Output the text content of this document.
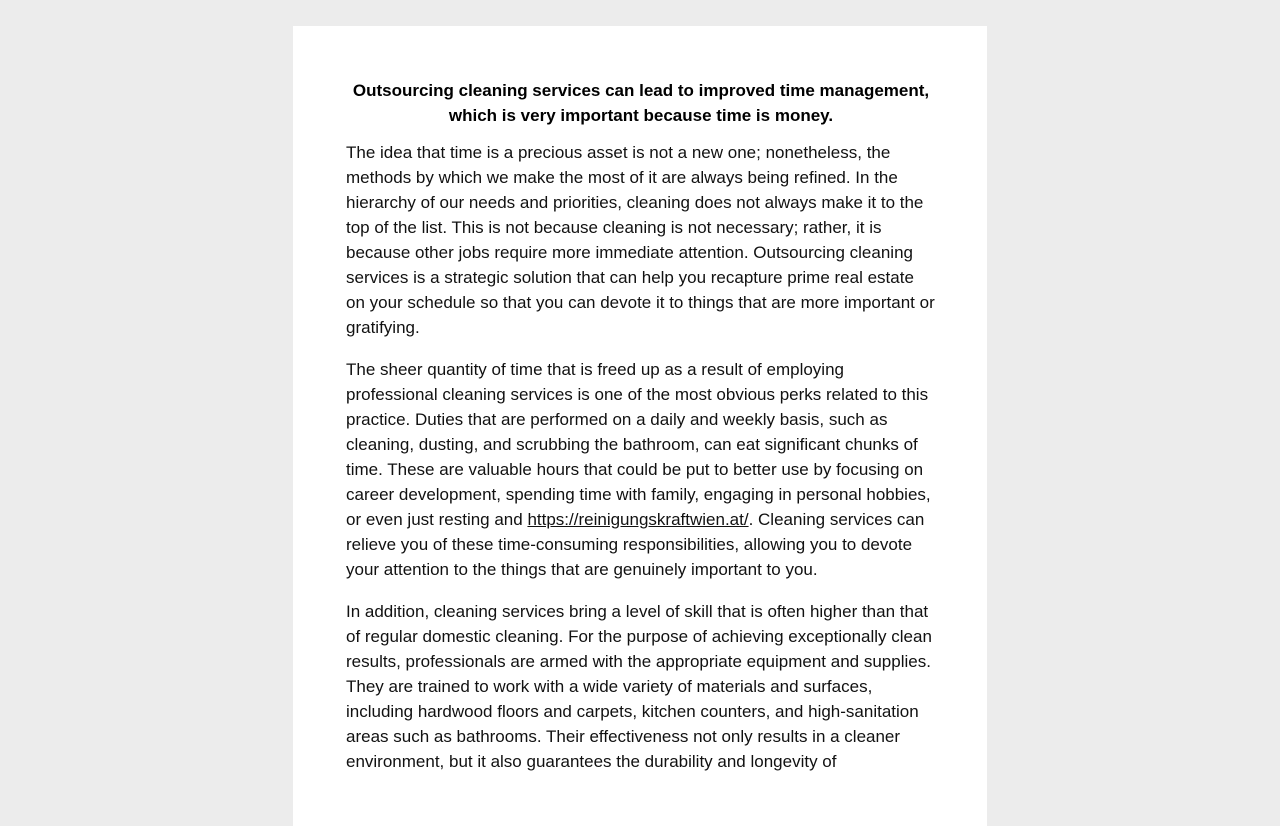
Outsourcing cleaning services can lead to improved time management, which is very important because time is money.

The idea that time is a precious asset is not a new one; nonetheless, the methods by which we make the most of it are always being refined. In the hierarchy of our needs and priorities, cleaning does not always make it to the top of the list. This is not because cleaning is not necessary; rather, it is because other jobs require more immediate attention. Outsourcing cleaning services is a strategic solution that can help you recapture prime real estate on your schedule so that you can devote it to things that are more important or gratifying.

The sheer quantity of time that is freed up as a result of employing professional cleaning services is one of the most obvious perks related to this practice. Duties that are performed on a daily and weekly basis, such as cleaning, dusting, and scrubbing the bathroom, can eat significant chunks of time. These are valuable hours that could be put to better use by focusing on career development, spending time with family, engaging in personal hobbies, or even just resting and https://reinigungskraftwien.at/. Cleaning services can relieve you of these time-consuming responsibilities, allowing you to devote your attention to the things that are genuinely important to you.

In addition, cleaning services bring a level of skill that is often higher than that of regular domestic cleaning. For the purpose of achieving exceptionally clean results, professionals are armed with the appropriate equipment and supplies. They are trained to work with a wide variety of materials and surfaces, including hardwood floors and carpets, kitchen counters, and high-sanitation areas such as bathrooms. Their effectiveness not only results in a cleaner environment, but it also guarantees the durability and longevity of
